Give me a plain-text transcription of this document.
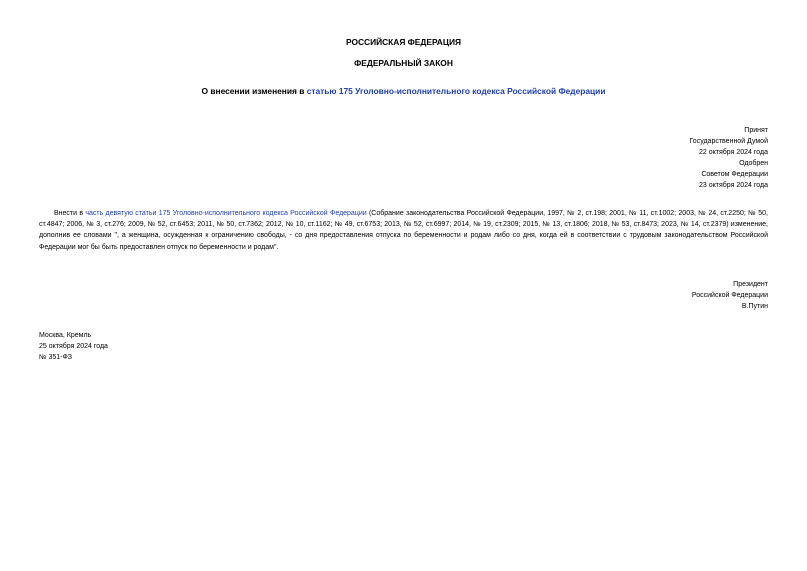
РОССИЙСКАЯ ФЕДЕРАЦИЯ
ФЕДЕРАЛЬНЫЙ ЗАКОН
О внесении изменения в статью 175 Уголовно-исполнительного кодекса Российской Федерации
Принят
Государственной Думой
22 октября 2024 года
Одобрен
Советом Федерации
23 октября 2024 года

Внести в часть девятую статьи 175 Уголовно-исполнительного кодекса Российской Федерации (Собрание законодательства Российской Федерации, 1997, № 2, ст.198; 2001, № 11, ст.1002; 2003, № 24, ст.2250; № 50, ст.4847; 2006, № 3, ст.276; 2009, № 52, ст.6453; 2011, № 50, ст.7362; 2012, № 10, ст.1162; № 49, ст.6753; 2013, № 52, ст.6997; 2014, № 19, ст.2309; 2015, № 13, ст.1806; 2018, № 53, ст.8473; 2023, № 14, ст.2379) изменение, дополнив ее словами ", а женщина, осужденная к ограничению свободы, - со дня предоставления отпуска по беременности и родам либо со дня, когда ей в соответствии с трудовым законодательством Российской Федерации мог бы быть предоставлен отпуск по беременности и родам".

Президент
Российской Федерации
В.Путин
Москва, Кремль
25 октября 2024 года
№ 351-ФЗ
